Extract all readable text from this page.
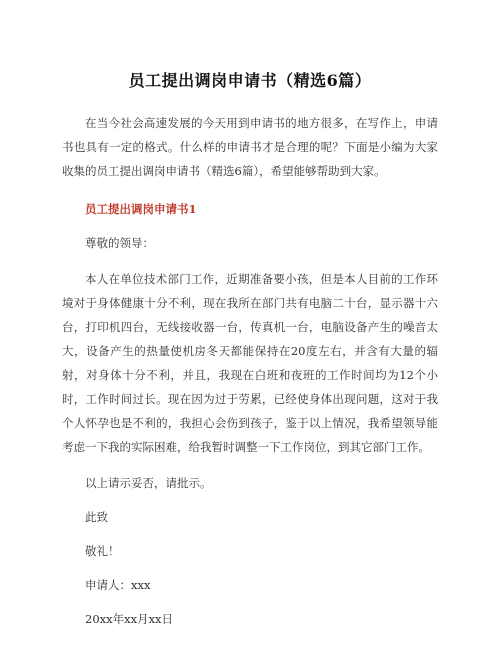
员工提出调岗申请书（精选6篇）

在当今社会高速发展的今天用到申请书的地方很多，在写作上，申请书也具有一定的格式。什么样的申请书才是合理的呢？下面是小编为大家收集的员工提出调岗申请书（精选6篇），希望能够帮助到大家。

员工提出调岗申请书1
尊敬的领导：

本人在单位技术部门工作，近期准备要小孩，但是本人目前的工作环境对于身体健康十分不利，现在我所在部门共有电脑二十台，显示器十六台，打印机四台，无线接收器一台，传真机一台，电脑设备产生的噪音太大，设备产生的热量使机房冬天都能保持在20度左右，并含有大量的辐射，对身体十分不利，并且，我现在白班和夜班的工作时间均为12个小时，工作时间过长。现在因为过于劳累，已经使身体出现问题，这对于我个人怀孕也是不利的，我担心会伤到孩子，鉴于以上情况，我希望领导能考虑一下我的实际困难，给我暂时调整一下工作岗位，到其它部门工作。

以上请示妥否，请批示。
此致
敬礼！
申请人：xxx
20xx年xx月xx日
